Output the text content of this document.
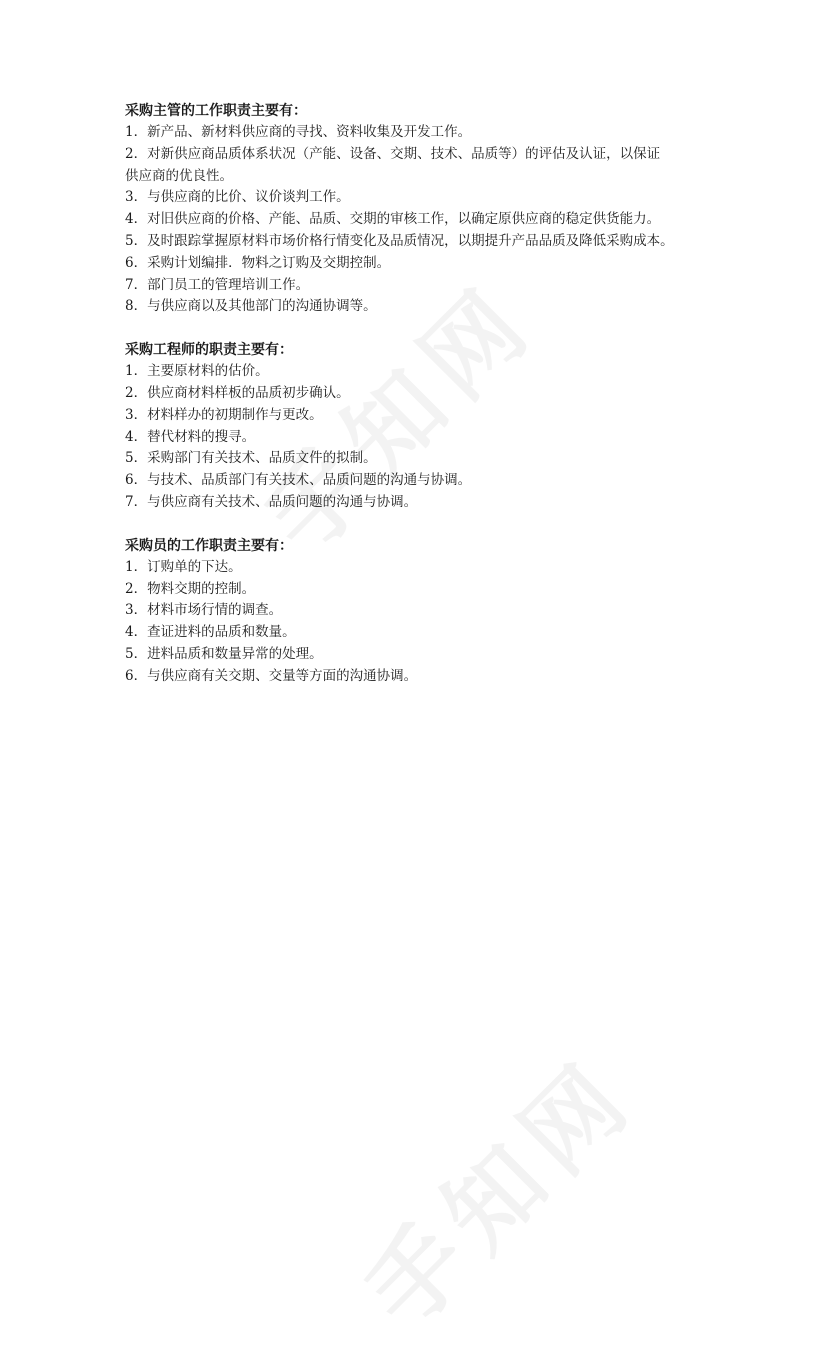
采购主管的工作职责主要有：

1．新产品、新材料供应商的寻找、资料收集及开发工作。

2．对新供应商品质体系状况（产能、设备、交期、技术、品质等）的评估及认证，以保证

供应商的优良性。

3．与供应商的比价、议价谈判工作。

4．对旧供应商的价格、产能、品质、交期的审核工作，以确定原供应商的稳定供货能力。

5．及时跟踪掌握原材料市场价格行情变化及品质情况，以期提升产品品质及降低采购成本。

6．采购计划编排．物料之订购及交期控制。

7．部门员工的管理培训工作。

8．与供应商以及其他部门的沟通协调等。

采购工程师的职责主要有：

1．主要原材料的估价。

2．供应商材料样板的品质初步确认。

3．材料样办的初期制作与更改。

4．替代材料的搜寻。

5．采购部门有关技术、品质文件的拟制。

6．与技术、品质部门有关技术、品质问题的沟通与协调。

7．与供应商有关技术、品质问题的沟通与协调。

采购员的工作职责主要有：

1．订购单的下达。

2．物料交期的控制。

3．材料市场行情的调查。

4．查证进料的品质和数量。

5．进料品质和数量异常的处理。

6．与供应商有关交期、交量等方面的沟通协调。
